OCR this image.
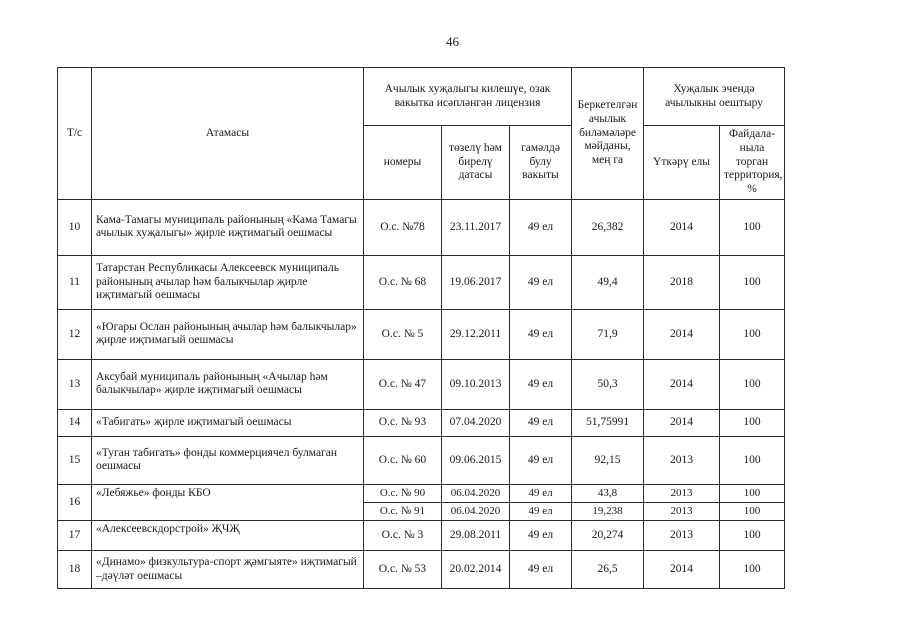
46
Т/с	Атамасы	Ачылык хуҗалыгы килешүе, озак вакытка исәпләнгән лицензия			Беркетелгән ачылык биләмәләре мәйданы, мең га	Хуҗалык эчендә ачылыкны оештыру	
		номеры	төзелү һәм бирелү датасы	гамәлдә булу вакыты		Үткәрү елы	Файдала-ныла торган территория, %

10	Кама-Тамагы муниципаль районының «Кама Тамагы ачылык хуҗалыгы» җирле иҗтимагый оешмасы	О.с. №78	23.11.2017	49 ел	26,382	2014	100
11	Татарстан Республикасы Алексеевск муниципаль районының ачылар һәм балыкчылар җирле иҗтимагый оешмасы	О.с. № 68	19.06.2017	49 ел	49,4	2018	100
12	«Югары Ослан районының ачылар һәм балыкчылар» җирле иҗтимагый оешмасы	О.с. № 5	29.12.2011	49 ел	71,9	2014	100
13	Аксубай муниципаль районының «Ачылар һәм балыкчылар» җирле иҗтимагый оешмасы	О.с. № 47	09.10.2013	49 ел	50,3	2014	100
14	«Табигать» җирле иҗтимагый оешмасы	О.с. № 93	07.04.2020	49 ел	51,75991	2014	100
15	«Туган табигать» фонды коммерциячел булмаган оешмасы	О.с. № 60	09.06.2015	49 ел	92,15	2013	100
16	«Лебяжье» фонды КБО	О.с. № 90	06.04.2020	49 ел	43,8	2013	100
		О.с. № 91	06.04.2020	49 ел	19,238	2013	100
17	«Алексеевскдорстрой» ҖЧҖ	О.с. № 3	29.08.2011	49 ел	20,274	2013	100
18	«Динамо» физкультура-спорт җәмгыяте» иҗтимагый –дәүләт оешмасы	О.с. № 53	20.02.2014	49 ел	26,5	2014	100
